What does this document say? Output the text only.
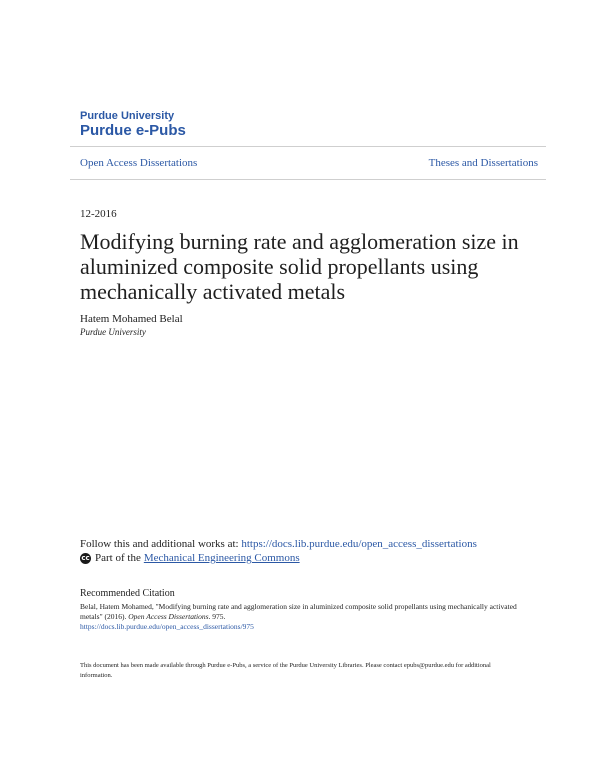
Purdue University
Purdue e-Pubs
Open Access Dissertations	Theses and Dissertations
12-2016
Modifying burning rate and agglomeration size in aluminized composite solid propellants using mechanically activated metals
Hatem Mohamed Belal
Purdue University
Follow this and additional works at: https://docs.lib.purdue.edu/open_access_dissertations
cc Part of the Mechanical Engineering Commons
Recommended Citation
Belal, Hatem Mohamed, "Modifying burning rate and agglomeration size in aluminized composite solid propellants using mechanically activated metals" (2016). Open Access Dissertations. 975.
https://docs.lib.purdue.edu/open_access_dissertations/975
This document has been made available through Purdue e-Pubs, a service of the Purdue University Libraries. Please contact epubs@purdue.edu for additional information.
